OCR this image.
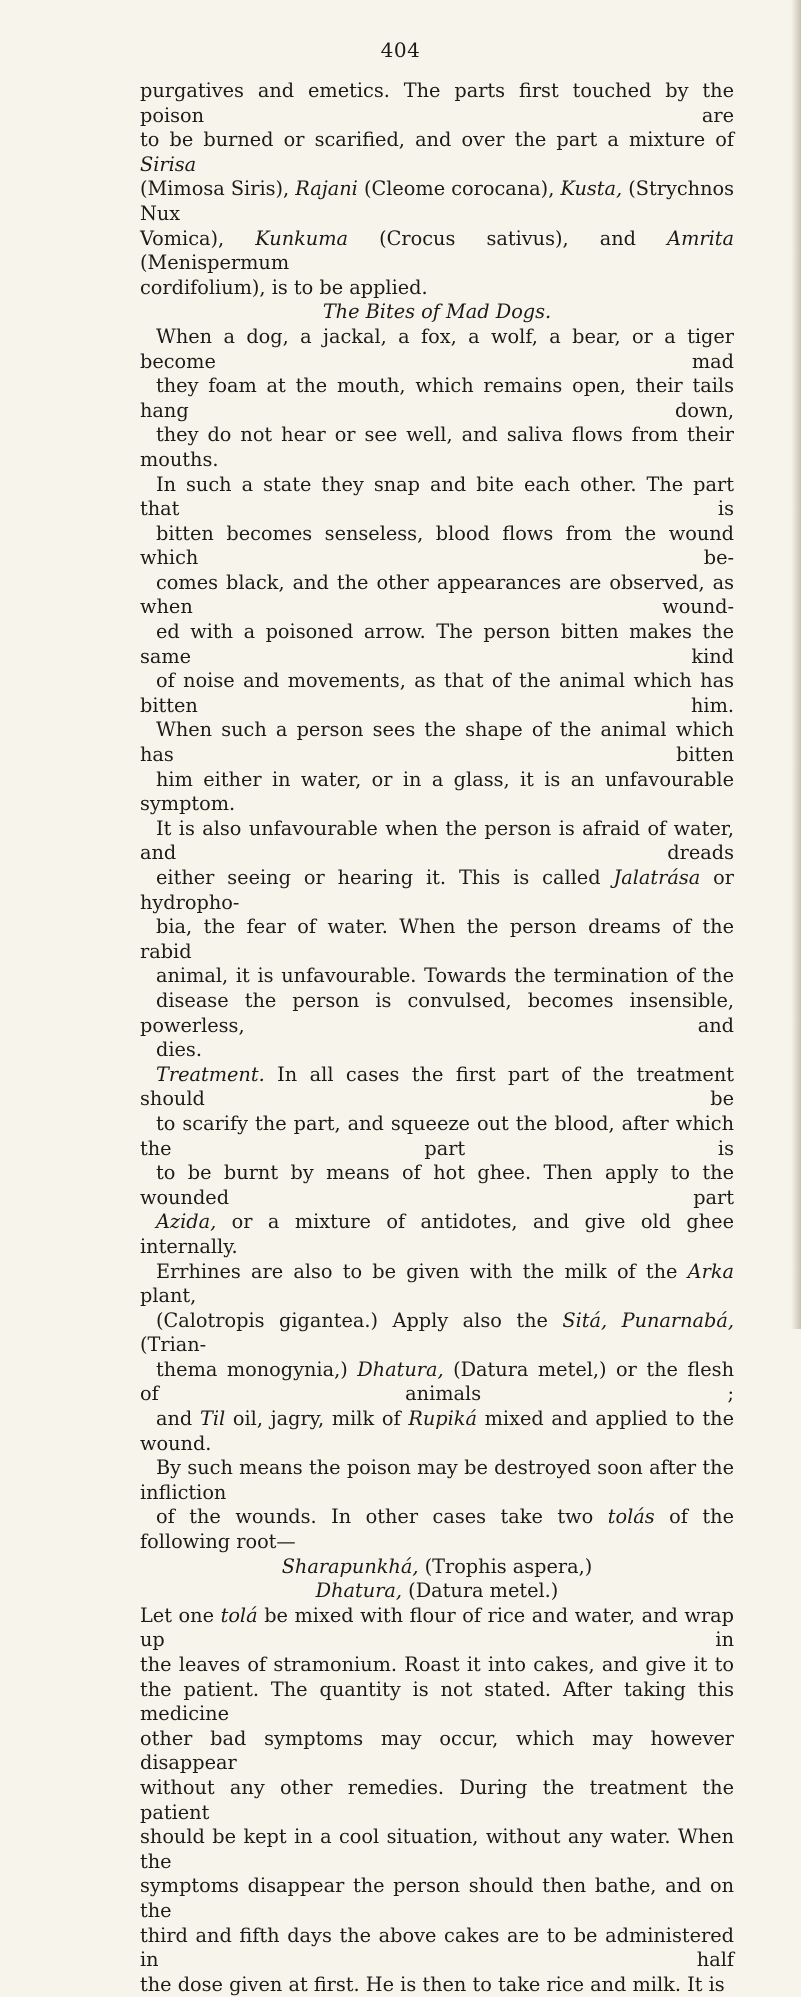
404

purgatives and emetics. The parts first touched by the poison are
to be burned or scarified, and over the part a mixture of Sirisa
(Mimosa Siris), Rajani (Cleome corocana), Kusta, (Strychnos Nux
Vomica), Kunkuma (Crocus sativus), and Amrita (Menispermum
cordifolium), is to be applied.

The Bites of Mad Dogs.

When a dog, a jackal, a fox, a wolf, a bear, or a tiger become mad
they foam at the mouth, which remains open, their tails hang down,
they do not hear or see well, and saliva flows from their mouths.
In such a state they snap and bite each other. The part that is
bitten becomes senseless, blood flows from the wound which be-
comes black, and the other appearances are observed, as when wound-
ed with a poisoned arrow. The person bitten makes the same kind
of noise and movements, as that of the animal which has bitten him.
When such a person sees the shape of the animal which has bitten
him either in water, or in a glass, it is an unfavourable symptom.
It is also unfavourable when the person is afraid of water, and dreads
either seeing or hearing it. This is called Jalatrása or hydropho-
bia, the fear of water. When the person dreams of the rabid
animal, it is unfavourable. Towards the termination of the
disease the person is convulsed, becomes insensible, powerless, and
dies.

Treatment. In all cases the first part of the treatment should be
to scarify the part, and squeeze out the blood, after which the part is
to be burnt by means of hot ghee. Then apply to the wounded part
Azida, or a mixture of antidotes, and give old ghee internally.
Errhines are also to be given with the milk of the Arka plant,
(Calotropis gigantea.) Apply also the Sitá, Punarnabá, (Trian-
thema monogynia,) Dhatura, (Datura metel,) or the flesh of animals ;
and Til oil, jagry, milk of Rupiká mixed and applied to the wound.
By such means the poison may be destroyed soon after the infliction
of the wounds. In other cases take two tolás of the following root—

Sharapunkhá, (Trophis aspera,)

Dhatura, (Datura metel.)

Let one tolá be mixed with flour of rice and water, and wrap up in
the leaves of stramonium. Roast it into cakes, and give it to
the patient. The quantity is not stated. After taking this medicine
other bad symptoms may occur, which may however disappear
without any other remedies. During the treatment the patient
should be kept in a cool situation, without any water. When the
symptoms disappear the person should then bathe, and on the
third and fifth days the above cakes are to be administered in half
the dose given at first. He is then to take rice and milk. It is
